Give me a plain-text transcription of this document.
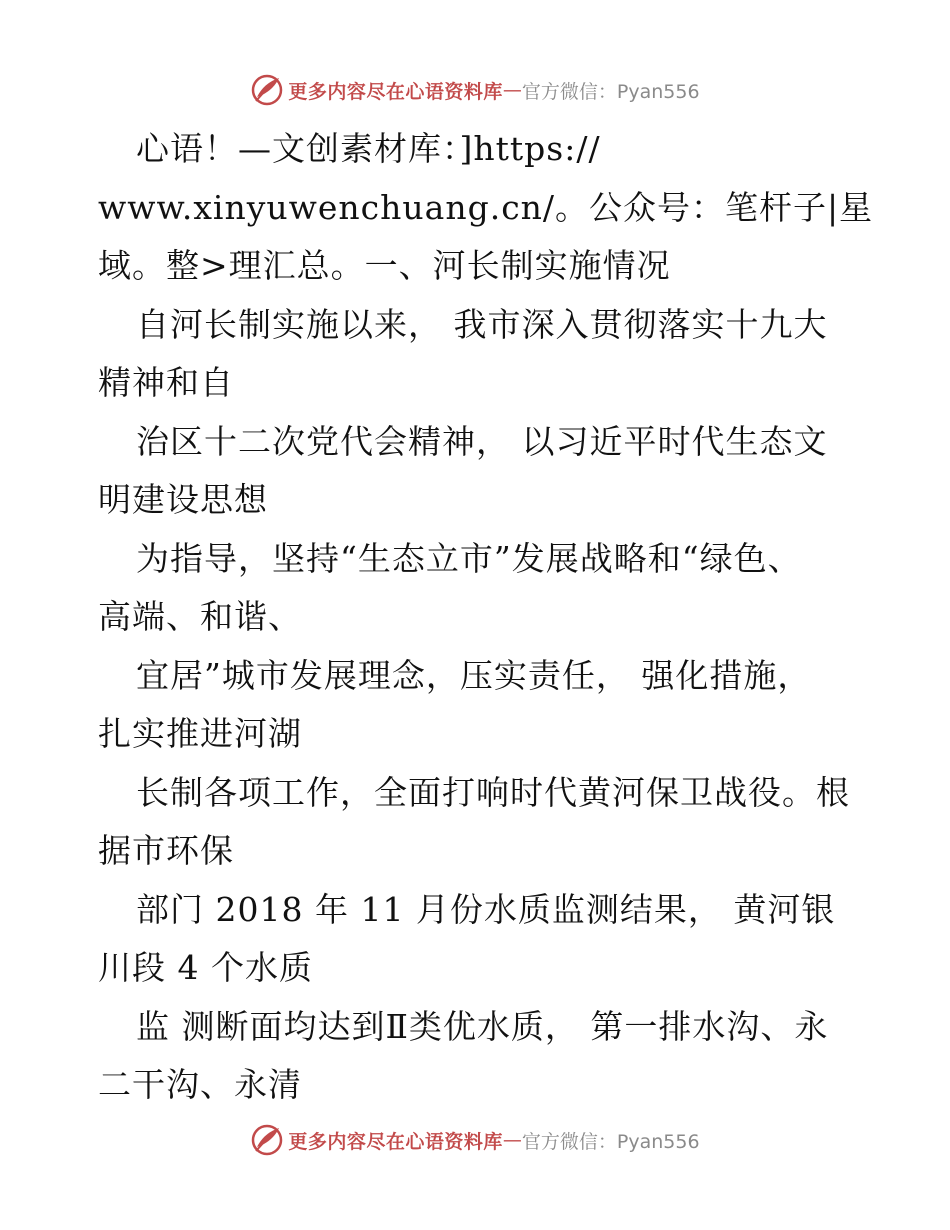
更多内容尽在心语资料库 — 官方微信：Pyan556

心语！—文创素材库：]https://

www.xinyuwenchuang.cn/。公众号：笔杆子|星

域。整>理汇总。一、河长制实施情况

自河长制实施以来， 我市深入贯彻落实十九大

精神和自

治区十二次党代会精神， 以习近平时代生态文

明建设思想

为指导，坚持“生态立市”发展战略和“绿色、

高端、和谐、

宜居”城市发展理念，压实责任， 强化措施，

扎实推进河湖

长制各项工作，全面打响时代黄河保卫战役。根

据市环保

部门 2018 年 11 月份水质监测结果， 黄河银

川段 4 个水质

监 测断面均达到Ⅱ类优水质， 第一排水沟、永

二干沟、永清

更多内容尽在心语资料库 — 官方微信：Pyan556
